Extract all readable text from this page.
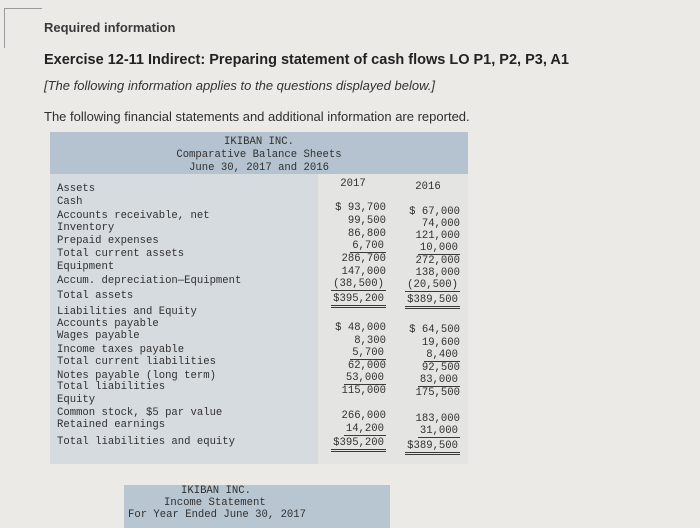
Required information
Exercise 12-11 Indirect: Preparing statement of cash flows LO P1, P2, P3, A1
[The following information applies to the questions displayed below.]
The following financial statements and additional information are reported.
IKIBAN INC.
Comparative Balance Sheets
June 30, 2017 and 2016
2017	2016
Assets
Cash	$ 93,700	$ 67,000
Accounts receivable, net	99,500	74,000
Inventory	86,800	121,000
Prepaid expenses	6,700	10,000
Total current assets	286,700	272,000
Equipment	147,000	138,000
Accum. depreciation—Equipment	(38,500)	(20,500)
Total assets	$395,200	$389,500
Liabilities and Equity
Accounts payable	$ 48,000	$ 64,500
Wages payable	8,300	19,600
Income taxes payable	5,700	8,400
Total current liabilities	62,000	92,500
Notes payable (long term)	53,000	83,000
Total liabilities	115,000	175,500
Equity
Common stock, $5 par value	266,000	183,000
Retained earnings	14,200	31,000
Total liabilities and equity	$395,200	$389,500
IKIBAN INC.
Income Statement
For Year Ended June 30, 2017
